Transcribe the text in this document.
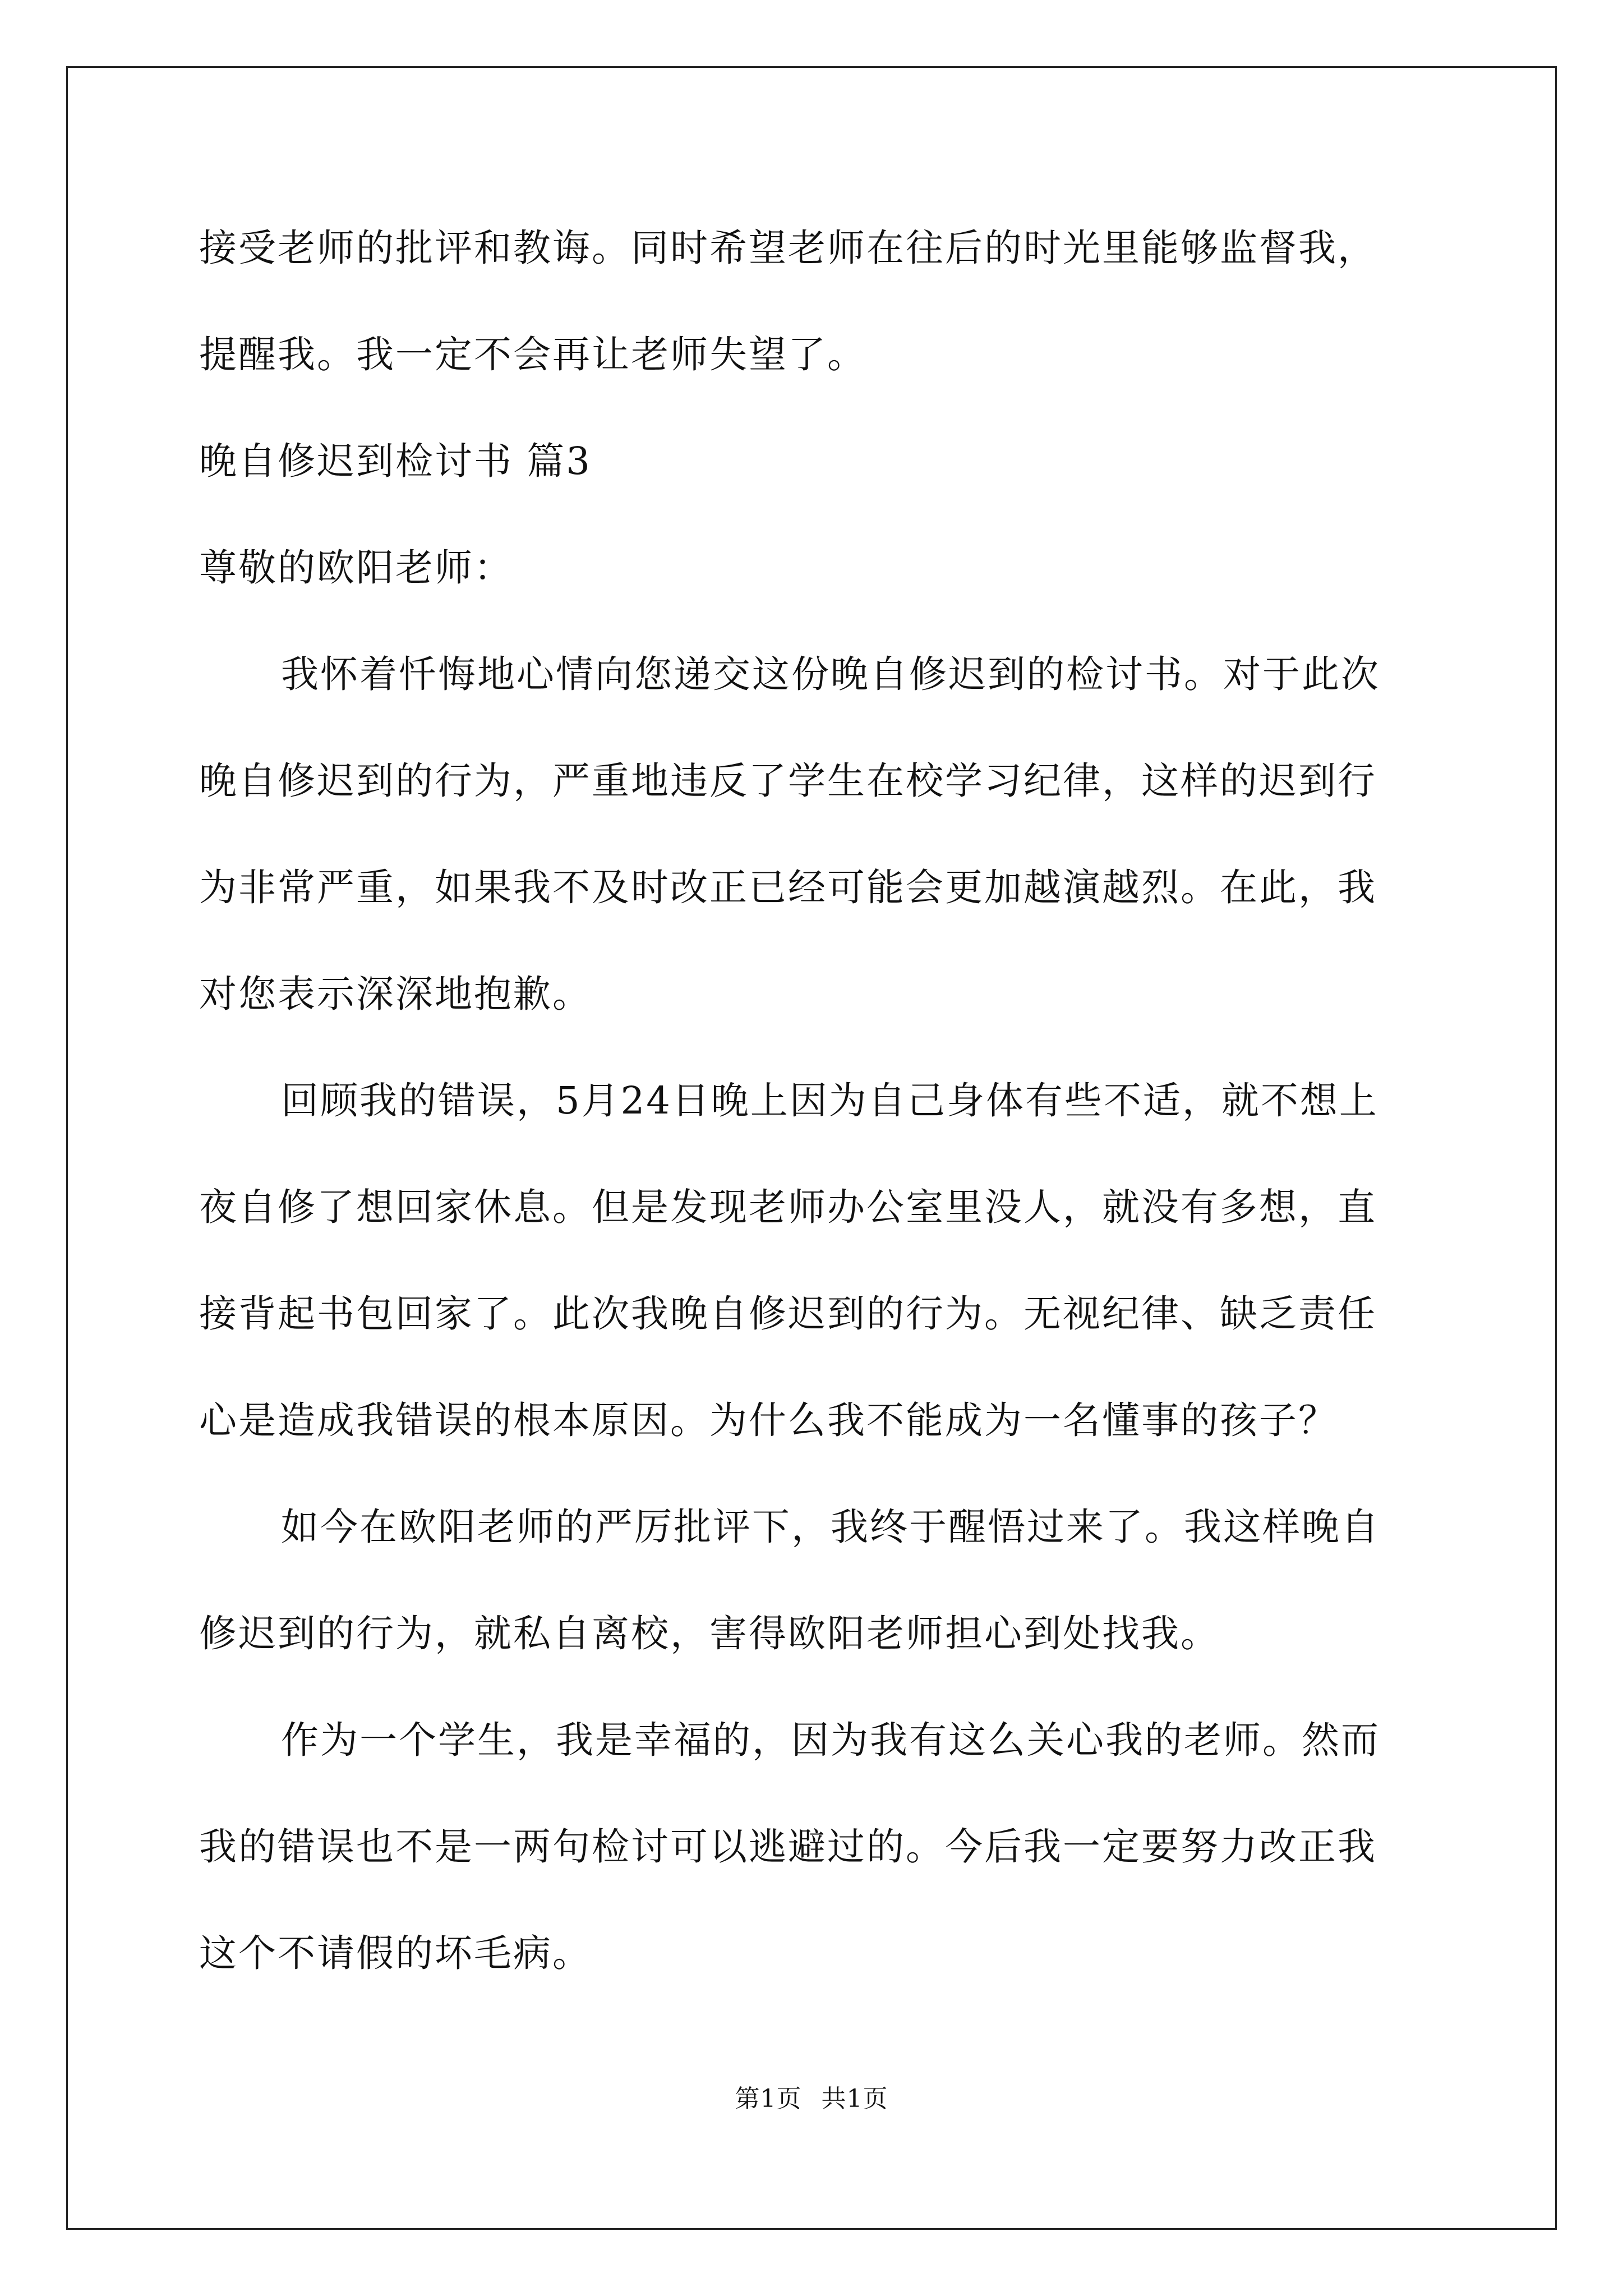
接受老师的批评和教诲。同时希望老师在往后的时光里能够监督我，
提醒我。我一定不会再让老师失望了。
晚自修迟到检讨书 篇3
尊敬的欧阳老师：
我怀着忏悔地心情向您递交这份晚自修迟到的检讨书。对于此次
晚自修迟到的行为，严重地违反了学生在校学习纪律，这样的迟到行
为非常严重，如果我不及时改正已经可能会更加越演越烈。在此，我
对您表示深深地抱歉。
回顾我的错误，5月24日晚上因为自己身体有些不适，就不想上
夜自修了想回家休息。但是发现老师办公室里没人，就没有多想，直
接背起书包回家了。此次我晚自修迟到的行为。无视纪律、缺乏责任
心是造成我错误的根本原因。为什么我不能成为一名懂事的孩子？
如今在欧阳老师的严厉批评下，我终于醒悟过来了。我这样晚自
修迟到的行为，就私自离校，害得欧阳老师担心到处找我。
作为一个学生，我是幸福的，因为我有这么关心我的老师。然而
我的错误也不是一两句检讨可以逃避过的。今后我一定要努力改正我
这个不请假的坏毛病。
第1页 共1页
